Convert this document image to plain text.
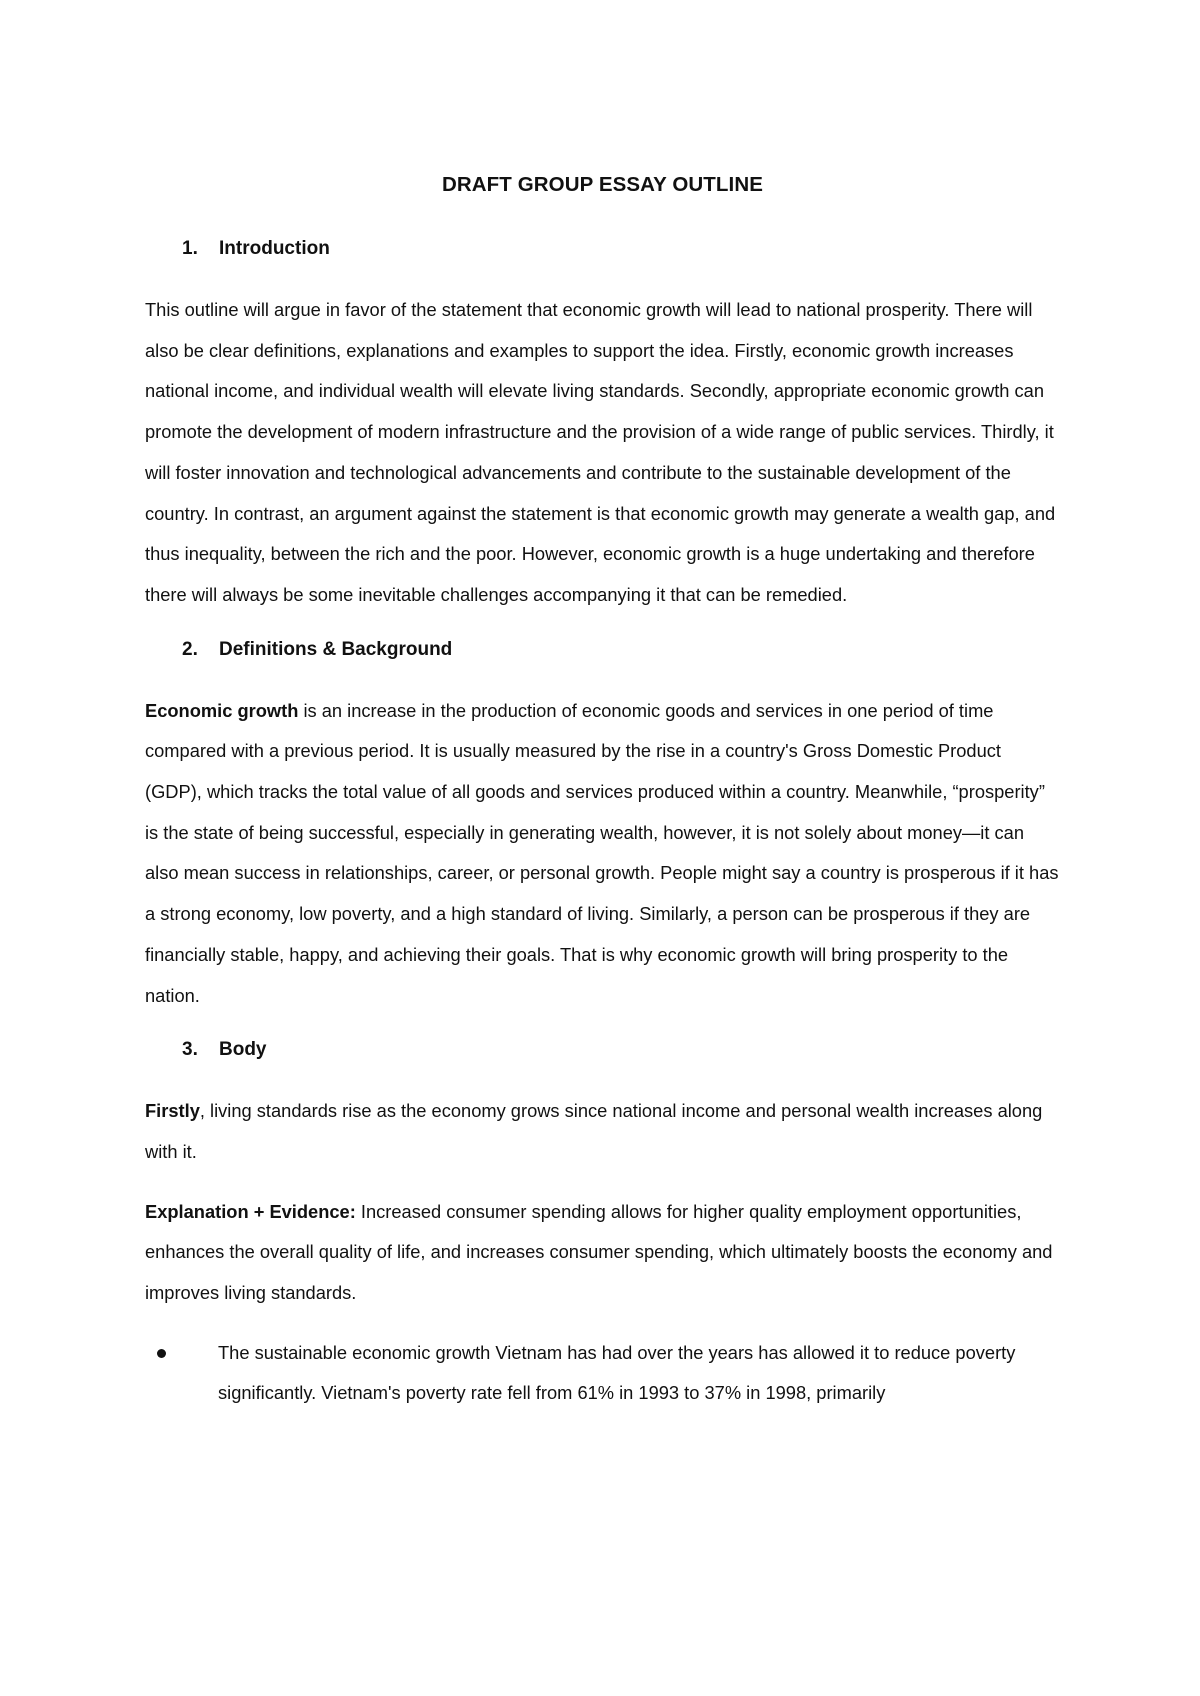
DRAFT GROUP ESSAY OUTLINE
1.	Introduction

This outline will argue in favor of the statement that economic growth will lead to national prosperity. There will also be clear definitions, explanations and examples to support the idea. Firstly, economic growth increases national income, and individual wealth will elevate living standards. Secondly, appropriate economic growth can promote the development of modern infrastructure and the provision of a wide range of public services. Thirdly, it will foster innovation and technological advancements and contribute to the sustainable development of the country. In contrast, an argument against the statement is that economic growth may generate a wealth gap, and thus inequality, between the rich and the poor. However, economic growth is a huge undertaking and therefore there will always be some inevitable challenges accompanying it that can be remedied.

2.	Definitions & Background

Economic growth is an increase in the production of economic goods and services in one period of time compared with a previous period. It is usually measured by the rise in a country's Gross Domestic Product (GDP), which tracks the total value of all goods and services produced within a country. Meanwhile, “prosperity” is the state of being successful, especially in generating wealth, however, it is not solely about money—it can also mean success in relationships, career, or personal growth. People might say a country is prosperous if it has a strong economy, low poverty, and a high standard of living. Similarly, a person can be prosperous if they are financially stable, happy, and achieving their goals. That is why economic growth will bring prosperity to the nation.

3.	Body

Firstly, living standards rise as the economy grows since national income and personal wealth increases along with it.

Explanation + Evidence: Increased consumer spending allows for higher quality employment opportunities, enhances the overall quality of life, and increases consumer spending, which ultimately boosts the economy and improves living standards.

The sustainable economic growth Vietnam has had over the years has allowed it to reduce poverty significantly. Vietnam's poverty rate fell from 61% in 1993 to 37% in 1998, primarily
